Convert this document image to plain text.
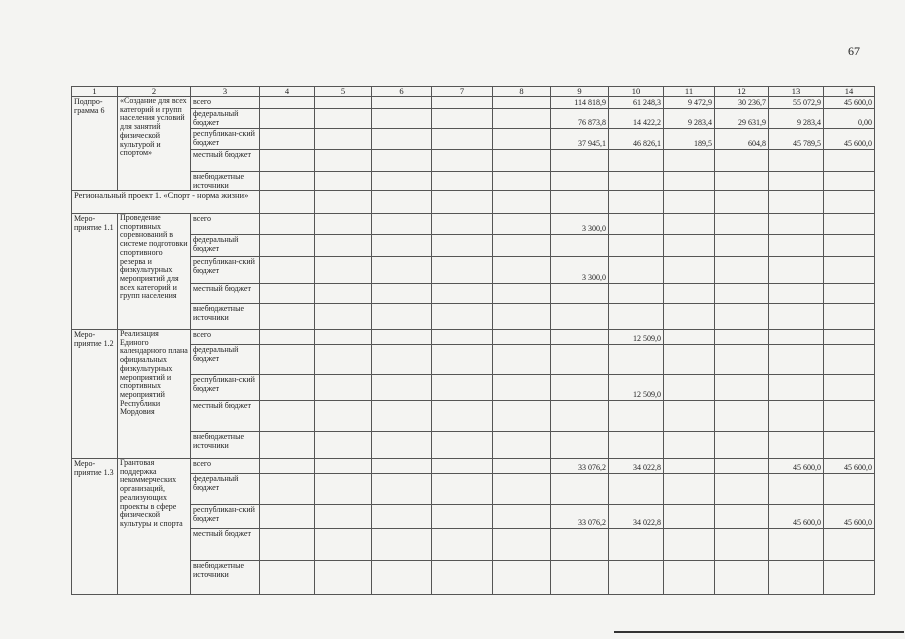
67
1	2	3	4	5	6	7	8	9	10	11	12	13	14
Подпро-грамма 6	«Создание для всех категорий и групп населения условий для занятий физической культурой и спортом»	всего						114 818,9	61 248,3	9 472,9	30 236,7	55 072,9	45 600,0
		федеральный бюджет						76 873,8	14 422,2	9 283,4	29 631,9	9 283,4	0,00
		республикан-ский бюджет						37 945,1	46 826,1	189,5	604,8	45 789,5	45 600,0
		местный бюджет											
		внебюджетные источники											
Региональный проект 1. «Спорт - норма жизни»													
Меро-приятие 1.1	Проведение спортивных соревнований в системе подготовки спортивного резерва и физкультурных мероприятий для всех категорий и групп населения	всего						3 300,0					
		федеральный бюджет											
		республикан-ский бюджет						3 300,0					
		местный бюджет											
		внебюджетные источники											
Меро-приятие 1.2	Реализация Единого календарного плана официальных физкультурных мероприятий и спортивных мероприятий Республики Мордовия	всего							12 509,0				
		федеральный бюджет											
		республикан-ский бюджет							12 509,0				
		местный бюджет											
		внебюджетные источники											
Меро-приятие 1.3	Грантовая поддержка некоммерческих организаций, реализующих проекты в сфере физической культуры и спорта	всего						33 076,2	34 022,8			45 600,0	45 600,0
		федеральный бюджет											
		республикан-ский бюджет						33 076,2	34 022,8			45 600,0	45 600,0
		местный бюджет											
		внебюджетные источники											
